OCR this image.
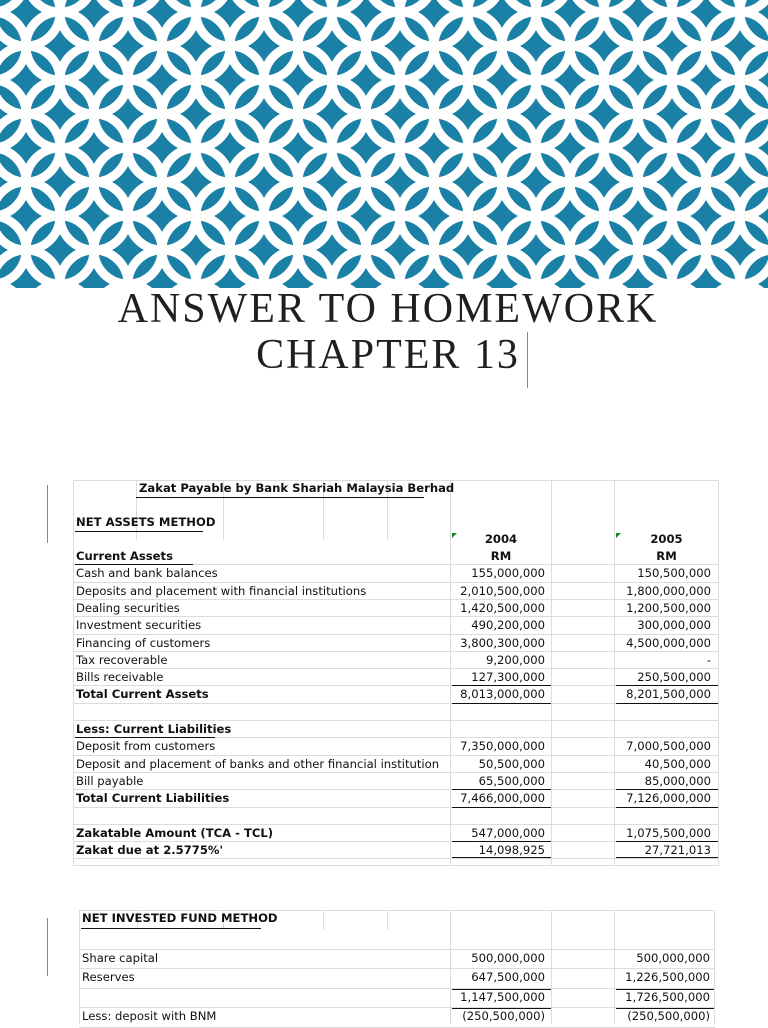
ANSWER TO HOMEWORK
CHAPTER 13
Zakat Payable by Bank Shariah Malaysia Berhad
NET ASSETS METHOD
2004	2005
RM	RM
Current Assets
Cash and bank balances	155,000,000	150,500,000
Deposits and placement with financial institutions	2,010,500,000	1,800,000,000
Dealing securities	1,420,500,000	1,200,500,000
Investment securities	490,200,000	300,000,000
Financing of customers	3,800,300,000	4,500,000,000
Tax recoverable	9,200,000	-
Bills receivable	127,300,000	250,500,000
Total Current Assets	8,013,000,000	8,201,500,000
Less: Current Liabilities
Deposit from customers	7,350,000,000	7,000,500,000
Deposit and placement of banks and other financial institution	50,500,000	40,500,000
Bill payable	65,500,000	85,000,000
Total Current Liabilities	7,466,000,000	7,126,000,000
Zakatable Amount (TCA - TCL)	547,000,000	1,075,500,000
Zakat due at 2.5775%'	14,098,925	27,721,013
NET INVESTED FUND METHOD
Share capital	500,000,000	500,000,000
Reserves	647,500,000	1,226,500,000
1,147,500,000	1,726,500,000
Less: deposit with BNM	(250,500,000)	(250,500,000)
